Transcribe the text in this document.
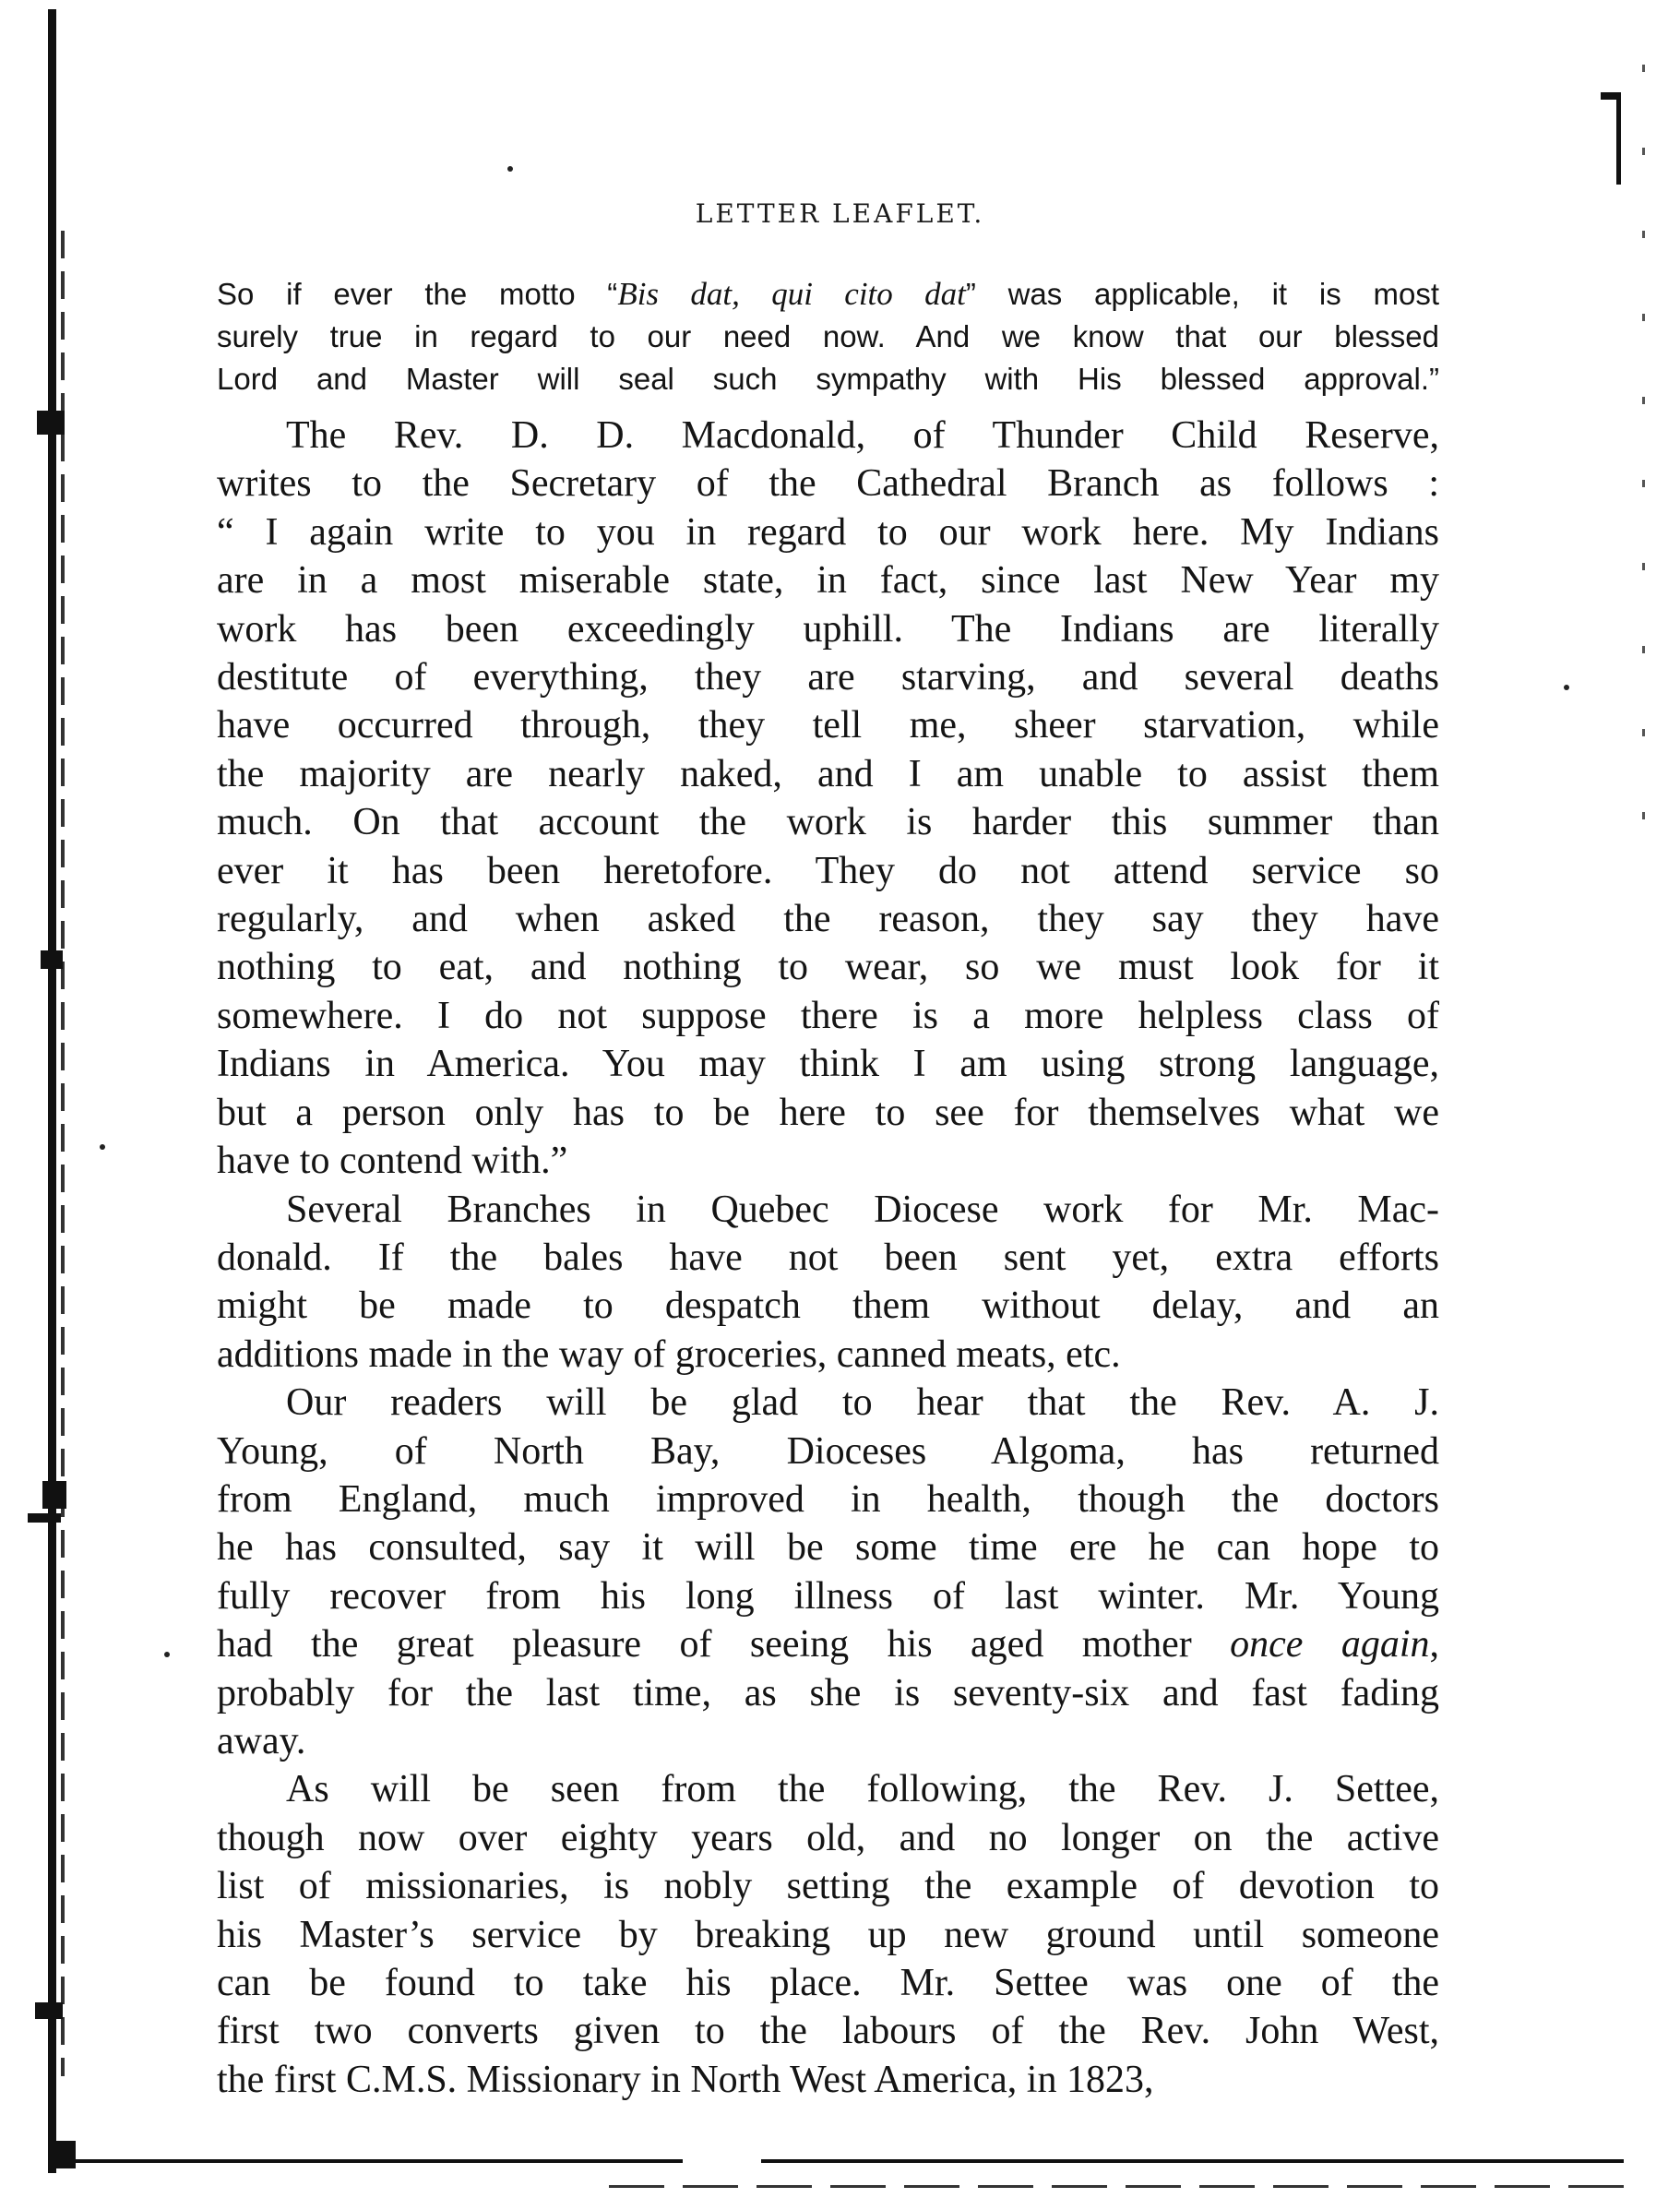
LETTER LEAFLET.
So if ever the motto “Bis dat, qui cito dat” was applicable, it is most
surely true in regard to our need now. And we know that our blessed
Lord and Master will seal such sympathy with His blessed approval.”
The Rev. D. D. Macdonald, of Thunder Child Reserve,
writes to the Secretary of the Cathedral Branch as follows :
“ I again write to you in regard to our work here. My Indians
are in a most miserable state, in fact, since last New Year my
work has been exceedingly uphill. The Indians are literally
destitute of everything, they are starving, and several deaths
have occurred through, they tell me, sheer starvation, while
the majority are nearly naked, and I am unable to assist them
much. On that account the work is harder this summer than
ever it has been heretofore. They do not attend service so
regularly, and when asked the reason, they say they have
nothing to eat, and nothing to wear, so we must look for it
somewhere. I do not suppose there is a more helpless class of
Indians in America. You may think I am using strong language,
but a person only has to be here to see for themselves what we
have to contend with.”
Several Branches in Quebec Diocese work for Mr. Mac-
donald. If the bales have not been sent yet, extra efforts
might be made to despatch them without delay, and an
additions made in the way of groceries, canned meats, etc.
Our readers will be glad to hear that the Rev. A. J.
Young, of North Bay, Dioceses Algoma, has returned
from England, much improved in health, though the doctors
he has consulted, say it will be some time ere he can hope to
fully recover from his long illness of last winter. Mr. Young
had the great pleasure of seeing his aged mother once again,
probably for the last time, as she is seventy-six and fast fading
away.
As will be seen from the following, the Rev. J. Settee,
though now over eighty years old, and no longer on the active
list of missionaries, is nobly setting the example of devotion to
his Master’s service by breaking up new ground until someone
can be found to take his place. Mr. Settee was one of the
first two converts given to the labours of the Rev. John West,
the first C.M.S. Missionary in North West America, in 1823,
